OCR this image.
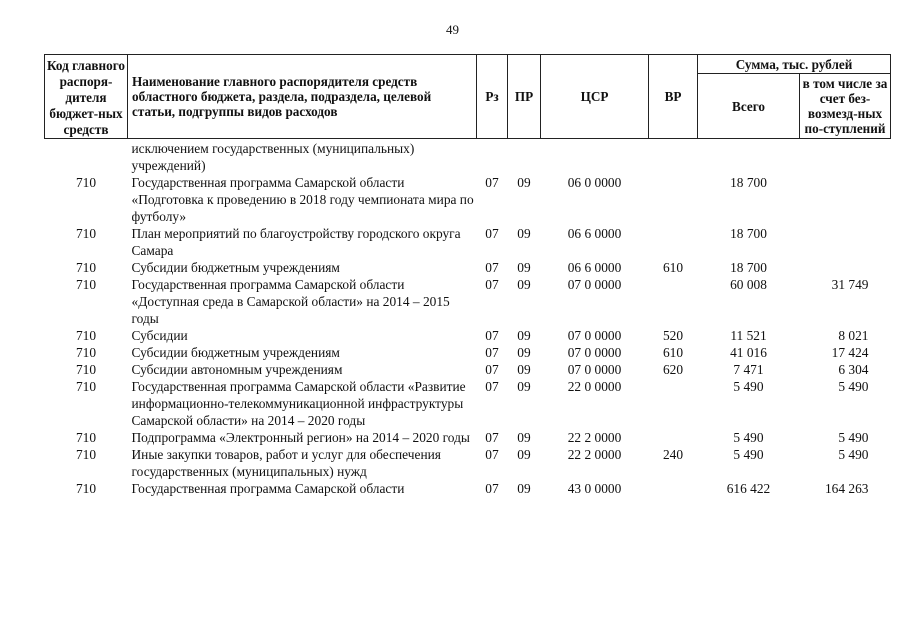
49
Код главного распоря-дителя бюджет-ных средств	Наименование главного распорядителя средств областного бюджета, раздела, подраздела, целевой статьи, подгруппы видов расходов	Рз	ПР	ЦСР	ВР	Сумма, тыс. рублей	
						Всего	в том числе за счет без-возмезд-ных по-ступлений
	исключением государственных (муниципальных) учреждений)						
710	Государственная программа Самарской области «Подготовка к проведению в 2018 году чемпионата мира по футболу»	07	09	06 0 0000		18 700	
710	План мероприятий по благоустройству городского округа Самара	07	09	06 6 0000		18 700	
710	Субсидии бюджетным учреждениям	07	09	06 6 0000	610	18 700	
710	Государственная программа Самарской области «Доступная среда в Самарской области» на 2014 – 2015 годы	07	09	07 0 0000		60 008	31 749
710	Субсидии	07	09	07 0 0000	520	11 521	8 021
710	Субсидии бюджетным учреждениям	07	09	07 0 0000	610	41 016	17 424
710	Субсидии автономным учреждениям	07	09	07 0 0000	620	7 471	6 304
710	Государственная программа Самарской области «Развитие информационно-телекоммуникационной инфраструктуры Самарской области» на 2014 – 2020 годы	07	09	22 0 0000		5 490	5 490
710	Подпрограмма «Электронный регион» на 2014 – 2020 годы	07	09	22 2 0000		5 490	5 490
710	Иные закупки товаров, работ и услуг для обеспечения государственных (муниципальных) нужд	07	09	22 2 0000	240	5 490	5 490
710	Государственная программа Самарской области	07	09	43 0 0000		616 422	164 263
